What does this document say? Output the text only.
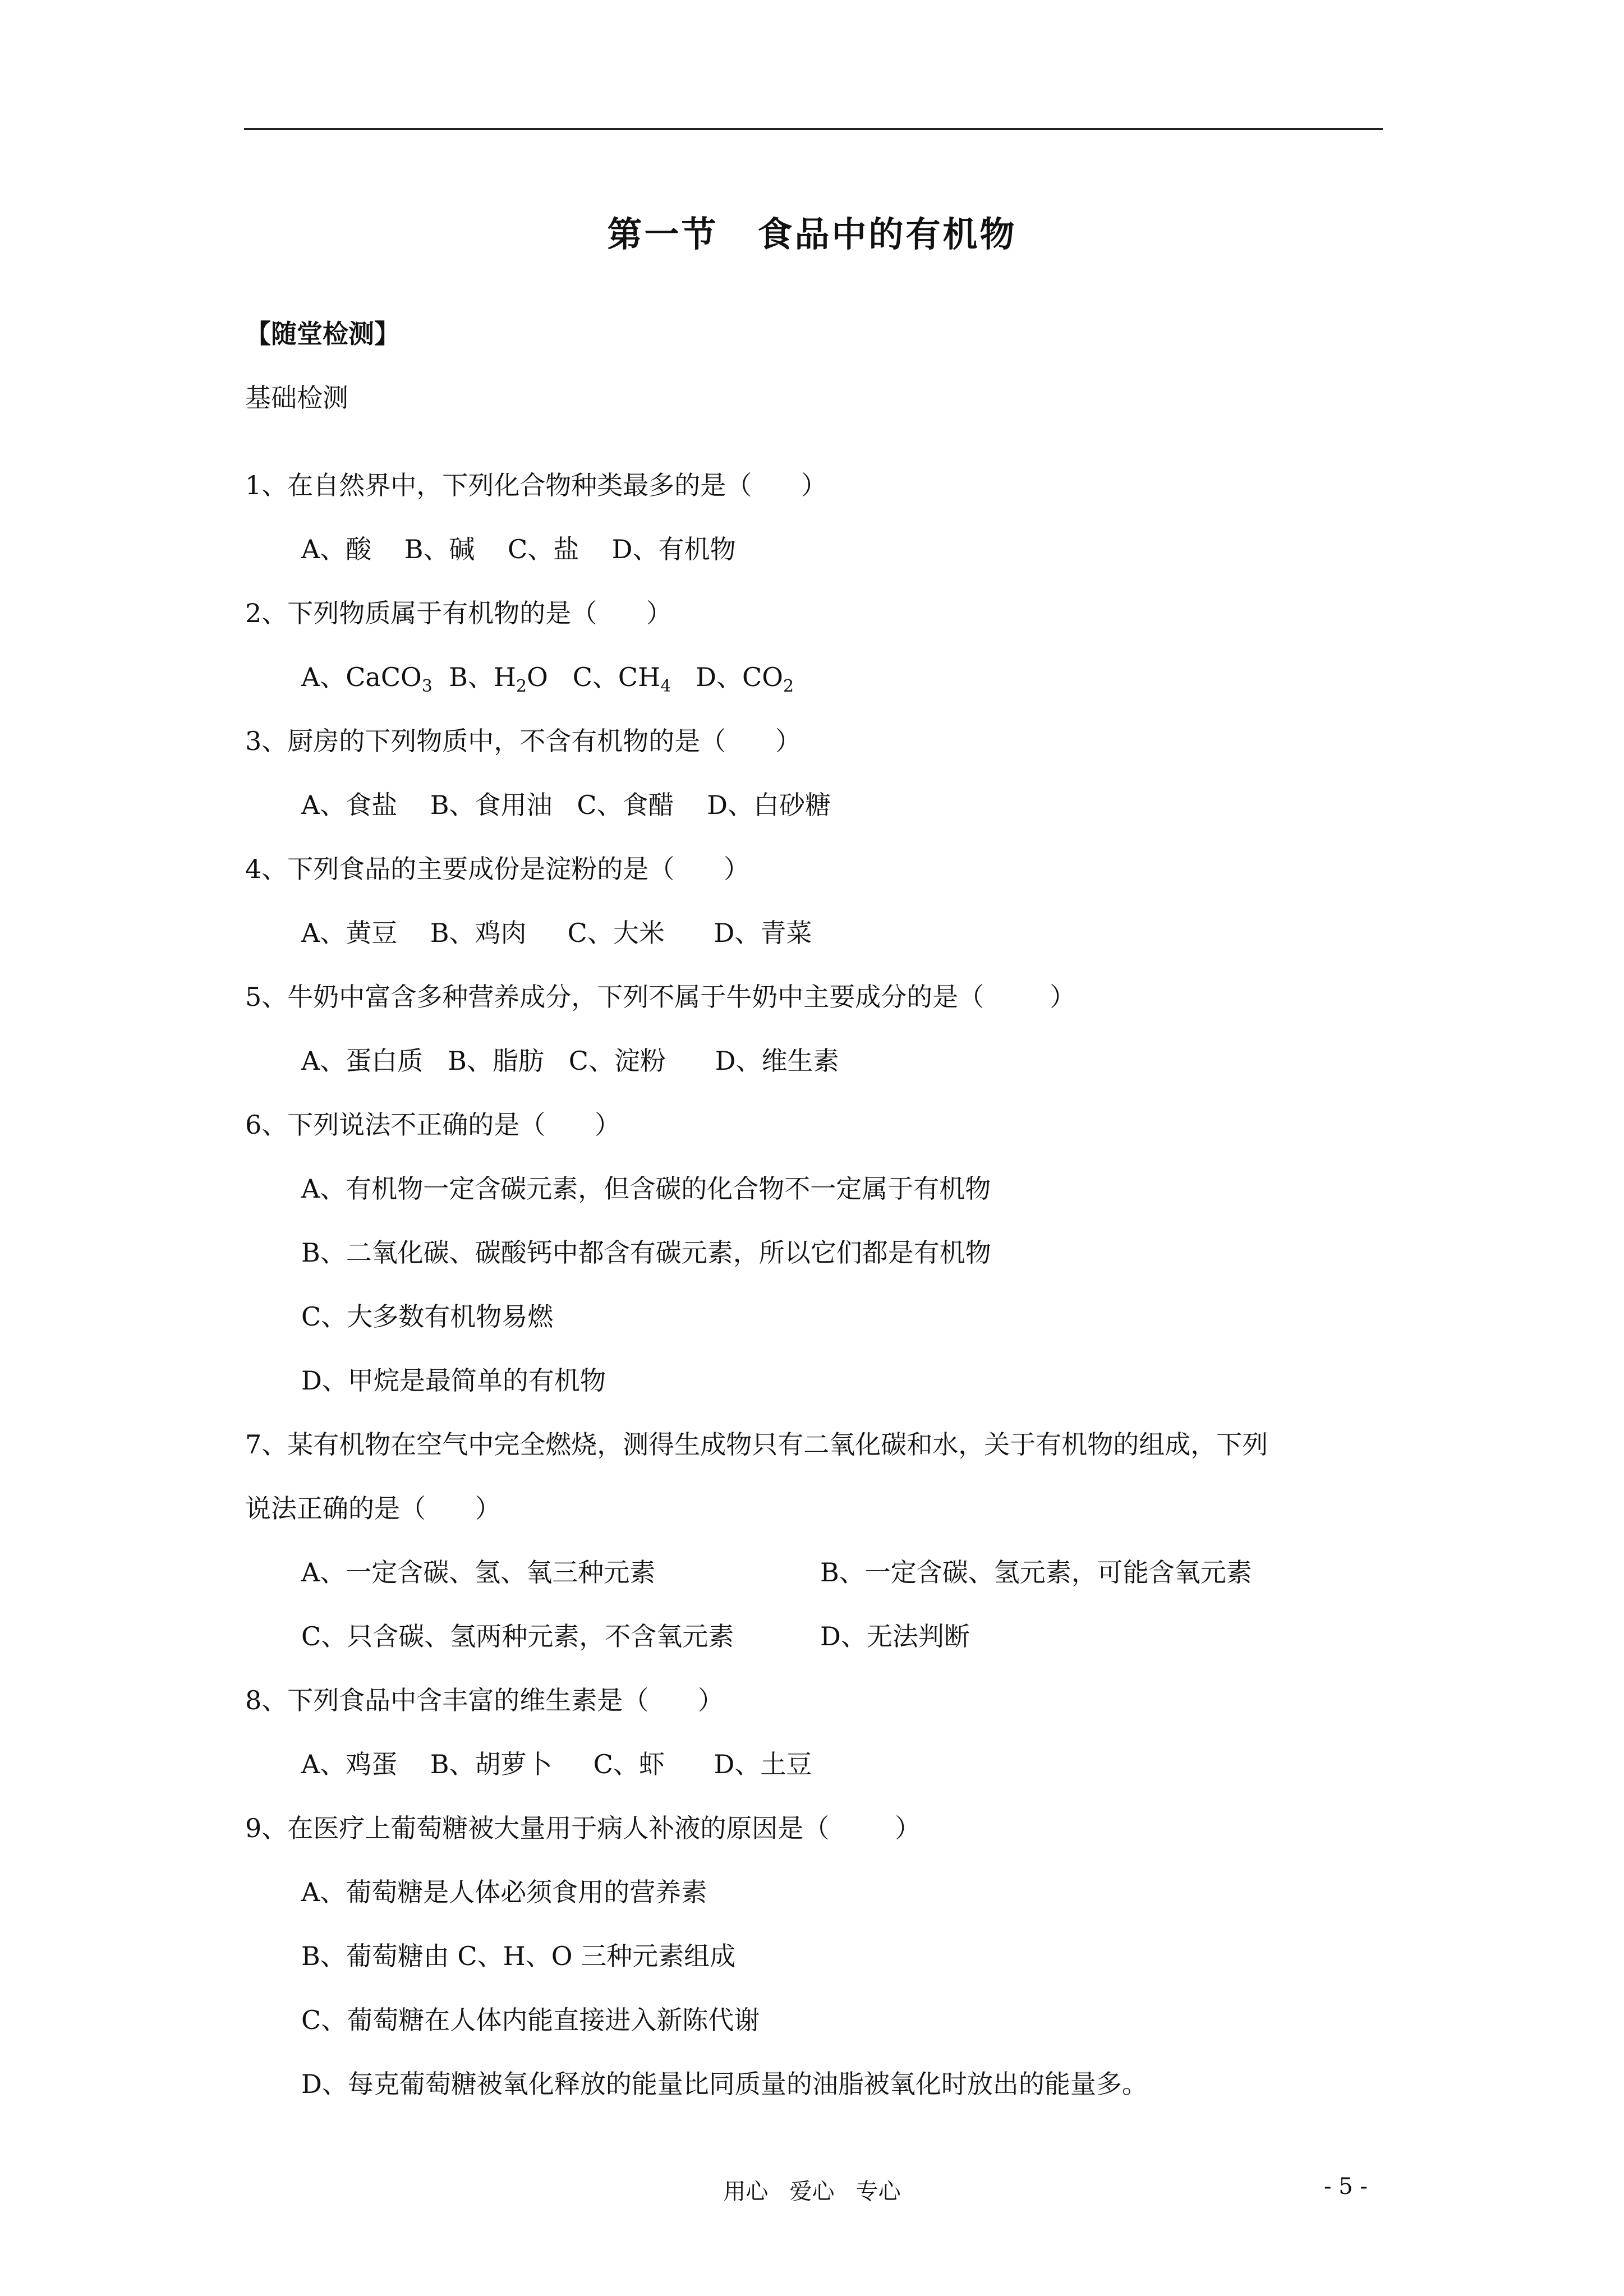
第一节 食品中的有机物
【随堂检测】
基础检测
1、在自然界中，下列化合物种类最多的是（      ）
A、酸    B、碱    C、盐    D、有机物
2、下列物质属于有机物的是（      ）
A、CaCO$_3$  B、$H_2O$   C、$CH_4$   D、$CO_2$
3、厨房的下列物质中，不含有机物的是（      ）
A、食盐    B、食用油   C、食醋    D、白砂糖
4、下列食品的主要成份是淀粉的是（      ）
A、黄豆    B、鸡肉     C、大米      D、青菜
5、牛奶中富含多种营养成分，下列不属于牛奶中主要成分的是（        ）
A、蛋白质   B、脂肪   C、淀粉      D、维生素
6、下列说法不正确的是（      ）
A、有机物一定含碳元素，但含碳的化合物不一定属于有机物
B、二氧化碳、碳酸钙中都含有碳元素，所以它们都是有机物
C、大多数有机物易燃
D、甲烷是最简单的有机物
7、某有机物在空气中完全燃烧，测得生成物只有二氧化碳和水，关于有机物的组成，下列
说法正确的是（      ）
A、一定含碳、氢、氧三种元素	B、一定含碳、氢元素，可能含氧元素
C、只含碳、氢两种元素，不含氧元素	D、无法判断
8、下列食品中含丰富的维生素是（      ）
A、鸡蛋    B、胡萝卜     C、虾      D、土豆
9、在医疗上葡萄糖被大量用于病人补液的原因是（        ）
A、葡萄糖是人体必须食用的营养素
B、葡萄糖由 C、H、O 三种元素组成
C、葡萄糖在人体内能直接进入新陈代谢
D、每克葡萄糖被氧化释放的能量比同质量的油脂被氧化时放出的能量多。
用心   爱心   专心	- 5 -
